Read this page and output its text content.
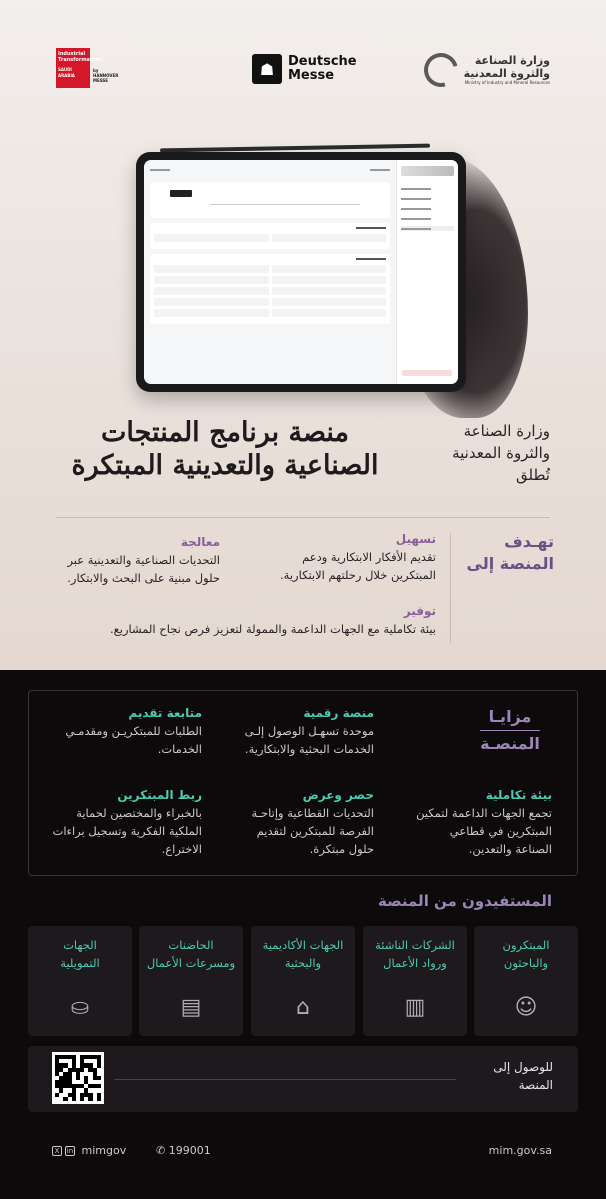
وزارة الصناعة
والثروة المعدنية
Ministry of Industry and Mineral Resources
☗	Deutsche
Messe
Industrial
Transformation
SAUDI ARABIA
by
HANNOVER
MESSE
وزارة الصناعة والثروة المعدنية تُطلق
منصة برنامج المنتجات الصناعية والتعدينية المبتكرة
تهـدف
المنصة إلى
تسهيل
تقديم الأفكار الابتكارية ودعم المبتكرين خلال رحلتهم الابتكارية.
معالجة
التحديات الصناعية والتعدينية عبر حلول مبنية على البحث والابتكار.
توفير
بيئة تكاملية مع الجهات الداعمة والممولة لتعزيز فرص نجاح المشاريع.
مزايـا
المنصـة
منصة رقمية
موحدة تسهـل الوصول إلـى الخدمات البحثية والابتكارية.
متابعة تقديم
الطلبات للمبتكريـن ومقدمـي الخدمات.
بيئة تكاملية
تجمع الجهات الداعمة لتمكين المبتكرين في قطاعي الصناعة والتعدين.
حصر وعرض
التحديات القطاعية وإتاحـة الفرصة للمبتكرين لتقديم حلول مبتكرة.
ربط المبتكرين
بالخبراء والمختصين لحماية الملكية الفكرية وتسجيل براءات الاختراع.
المستفيدون من المنصة
المبتكرون
والباحثون
☺
الشركات الناشئة
ورواد الأعمال
▥
الجهات الأكاديمية
والبحثية
⌂
الحاضنات
ومسرعات الأعمال
▤
الجهات
التمويلية
⛀
للوصول إلى
المنصة
X in mimgov	✆ 199001	mim.gov.sa
